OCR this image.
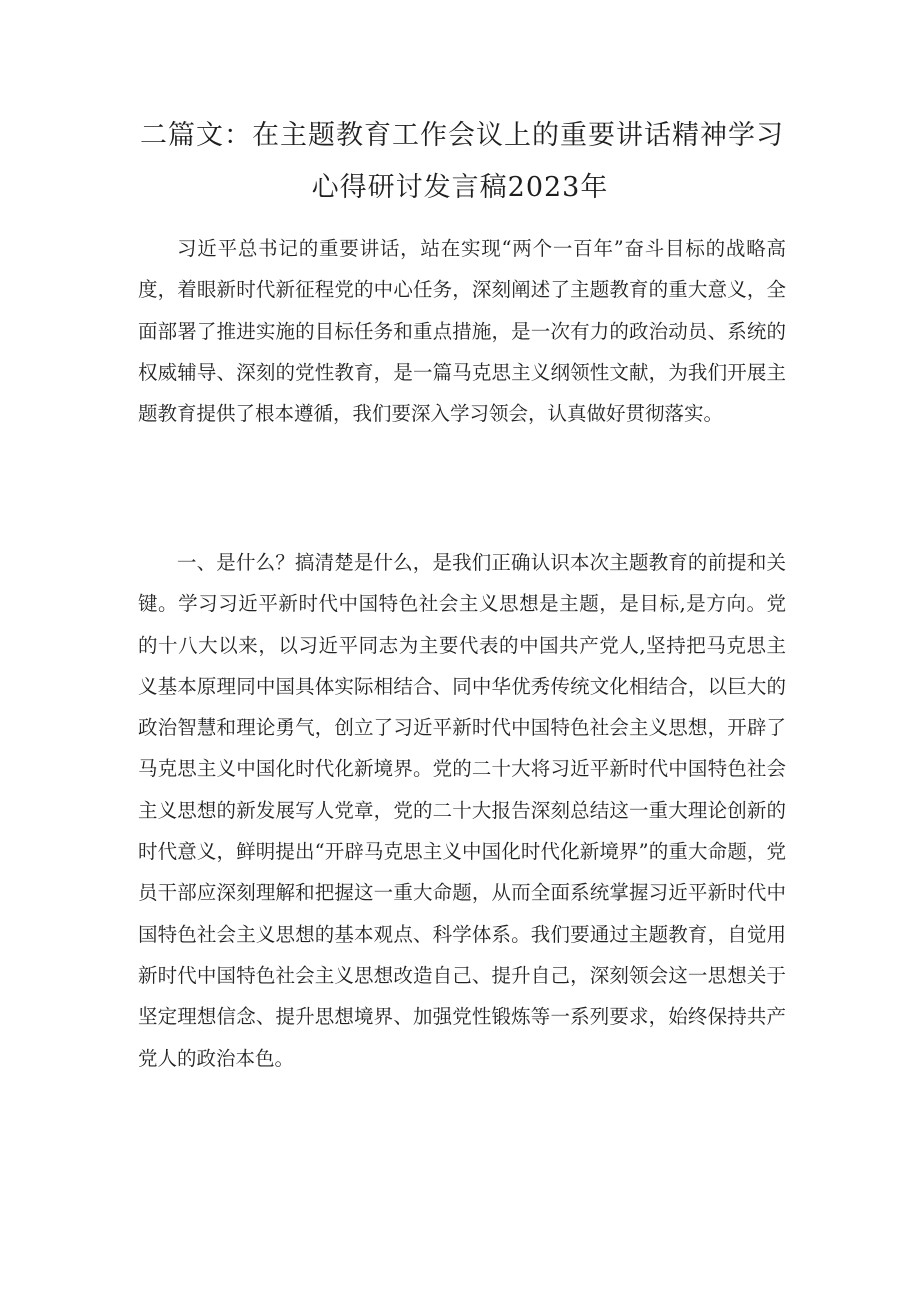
二篇文：在主题教育工作会议上的重要讲话精神学习
心得研讨发言稿2023年

习近平总书记的重要讲话，站在实现“两个一百年”奋斗目标的战略高度，着眼新时代新征程党的中心任务，深刻阐述了主题教育的重大意义，全面部署了推进实施的目标任务和重点措施，是一次有力的政治动员、系统的权威辅导、深刻的党性教育，是一篇马克思主义纲领性文献，为我们开展主题教育提供了根本遵循，我们要深入学习领会，认真做好贯彻落实。

一、是什么？搞清楚是什么，是我们正确认识本次主题教育的前提和关键。学习习近平新时代中国特色社会主义思想是主题，是目标,是方向。党的十八大以来，以习近平同志为主要代表的中国共产党人,坚持把马克思主义基本原理同中国具体实际相结合、同中华优秀传统文化相结合，以巨大的政治智慧和理论勇气，创立了习近平新时代中国特色社会主义思想，开辟了马克思主义中国化时代化新境界。党的二十大将习近平新时代中国特色社会主义思想的新发展写人党章，党的二十大报告深刻总结这一重大理论创新的时代意义，鲜明提出“开辟马克思主义中国化时代化新境界”的重大命题，党员干部应深刻理解和把握这一重大命题，从而全面系统掌握习近平新时代中国特色社会主义思想的基本观点、科学体系。我们要通过主题教育，自觉用新时代中国特色社会主义思想改造自己、提升自己，深刻领会这一思想关于坚定理想信念、提升思想境界、加强党性锻炼等一系列要求，始终保持共产党人的政治本色。
